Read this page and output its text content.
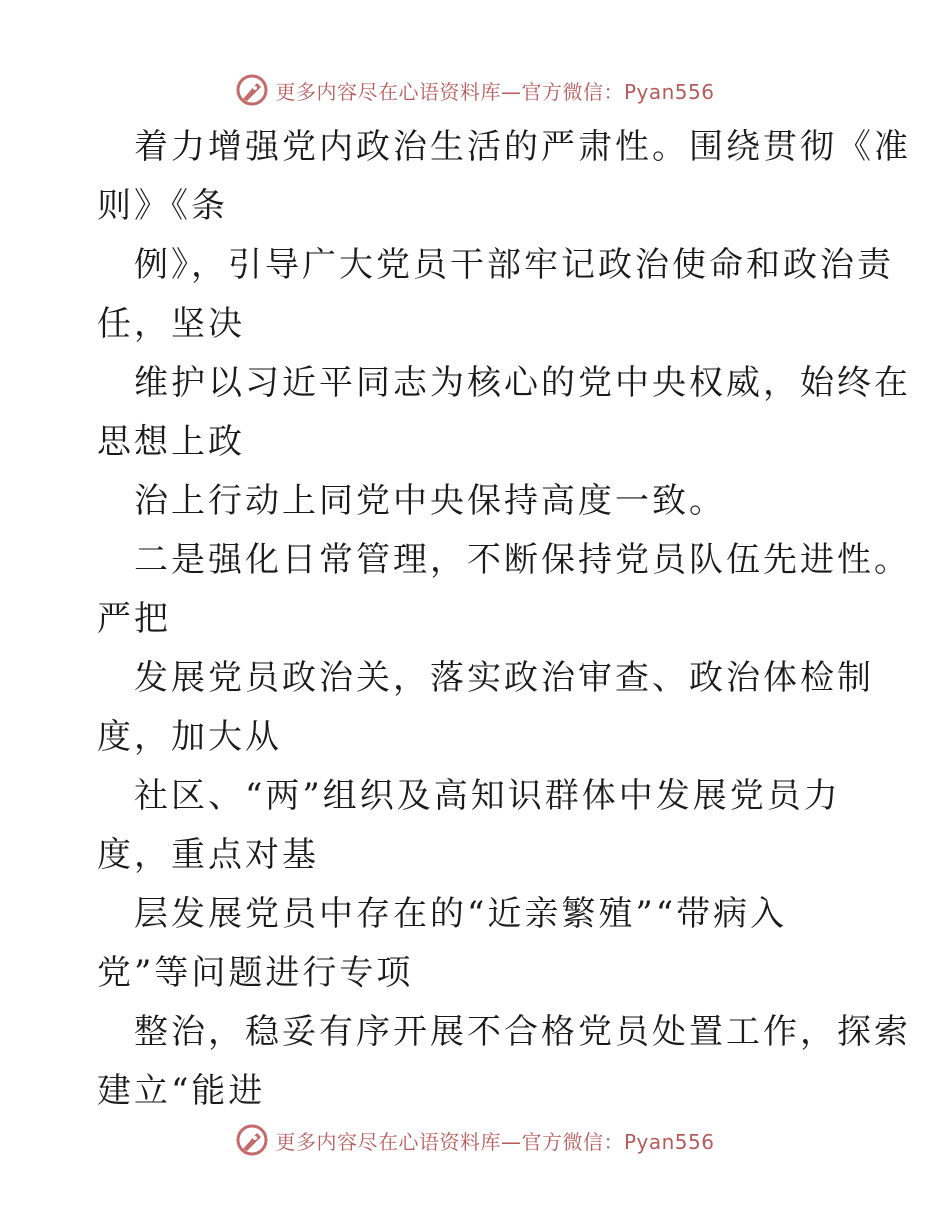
更多内容尽在心语资料库—官方微信：Pyan556
着力增强党内政治生活的严肃性。围绕贯彻《准
则》《条
例》，引导广大党员干部牢记政治使命和政治责
任，坚决
维护以习近平同志为核心的党中央权威，始终在
思想上政
治上行动上同党中央保持高度一致。
二是强化日常管理，不断保持党员队伍先进性。
严把
发展党员政治关，落实政治审查、政治体检制
度，加大从
社区、“两”组织及高知识群体中发展党员力
度，重点对基
层发展党员中存在的“近亲繁殖”“带病入
党”等问题进行专项
整治，稳妥有序开展不合格党员处置工作，探索
建立“能进
更多内容尽在心语资料库—官方微信：Pyan556
